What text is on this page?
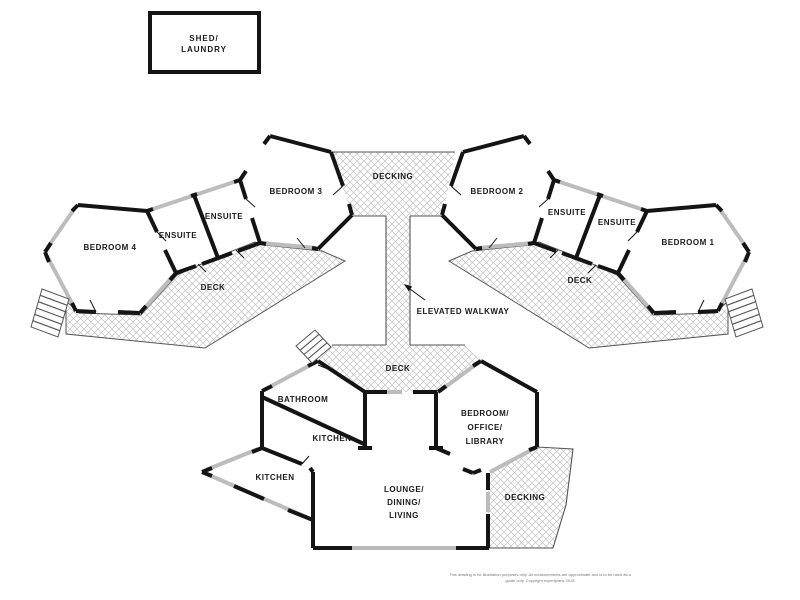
SHED/
LAUNDRY
DECKING
BEDROOM 3	BEDROOM 2
BEDROOM 4
BEDROOM 1
ENSUITE
ENSUITE	ENSUITE
ENSUITE
DECK
DECK
ELEVATED WALKWAY
DECK
BATHROOM
KITCHEN
KITCHEN
LOUNGE/
DINING/
LIVING
BEDROOM/
OFFICE/
LIBRARY
DECKING
This drawing is for illustration purposes only. All measurements are approximate and is to be used as a
guide only. Copyright expertplans 2015
